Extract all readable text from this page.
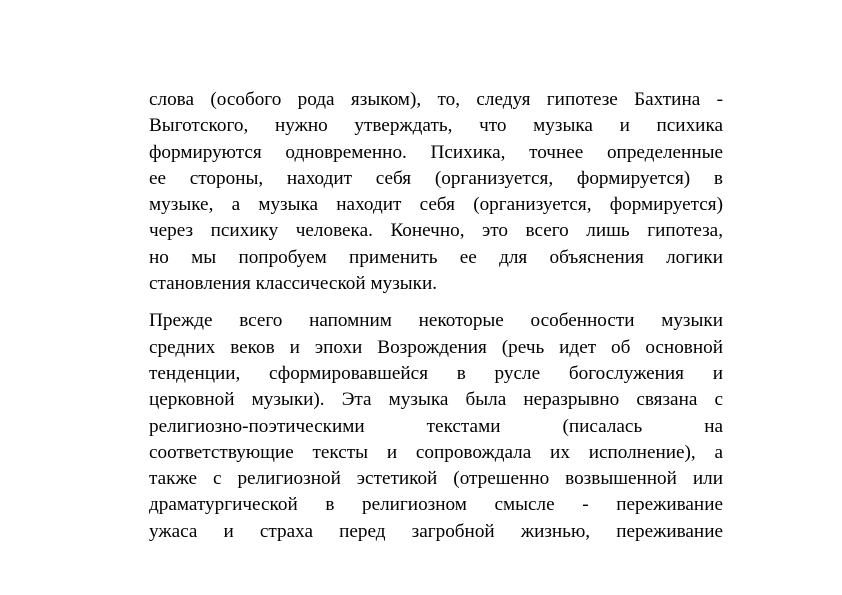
слова (особого рода языком), то, следуя гипотезе Бахтина -
Выготского, нужно утверждать, что музыка и психика
формируются одновременно. Психика, точнее определенные
ее стороны, находит себя (организуется, формируется) в
музыке, а музыка находит себя (организуется, формируется)
через психику человека. Конечно, это всего лишь гипотеза,
но мы попробуем применить ее для объяснения логики
становления классической музыки.

Прежде всего напомним некоторые особенности музыки
средних веков и эпохи Возрождения (речь идет об основной
тенденции, сформировавшейся в русле богослужения и
церковной музыки). Эта музыка была неразрывно связана с
религиозно-поэтическими текстами (писалась на
соответствующие тексты и сопровождала их исполнение), а
также с религиозной эстетикой (отрешенно возвышенной или
драматургической в религиозном смысле - переживание
ужаса и страха перед загробной жизнью, переживание
